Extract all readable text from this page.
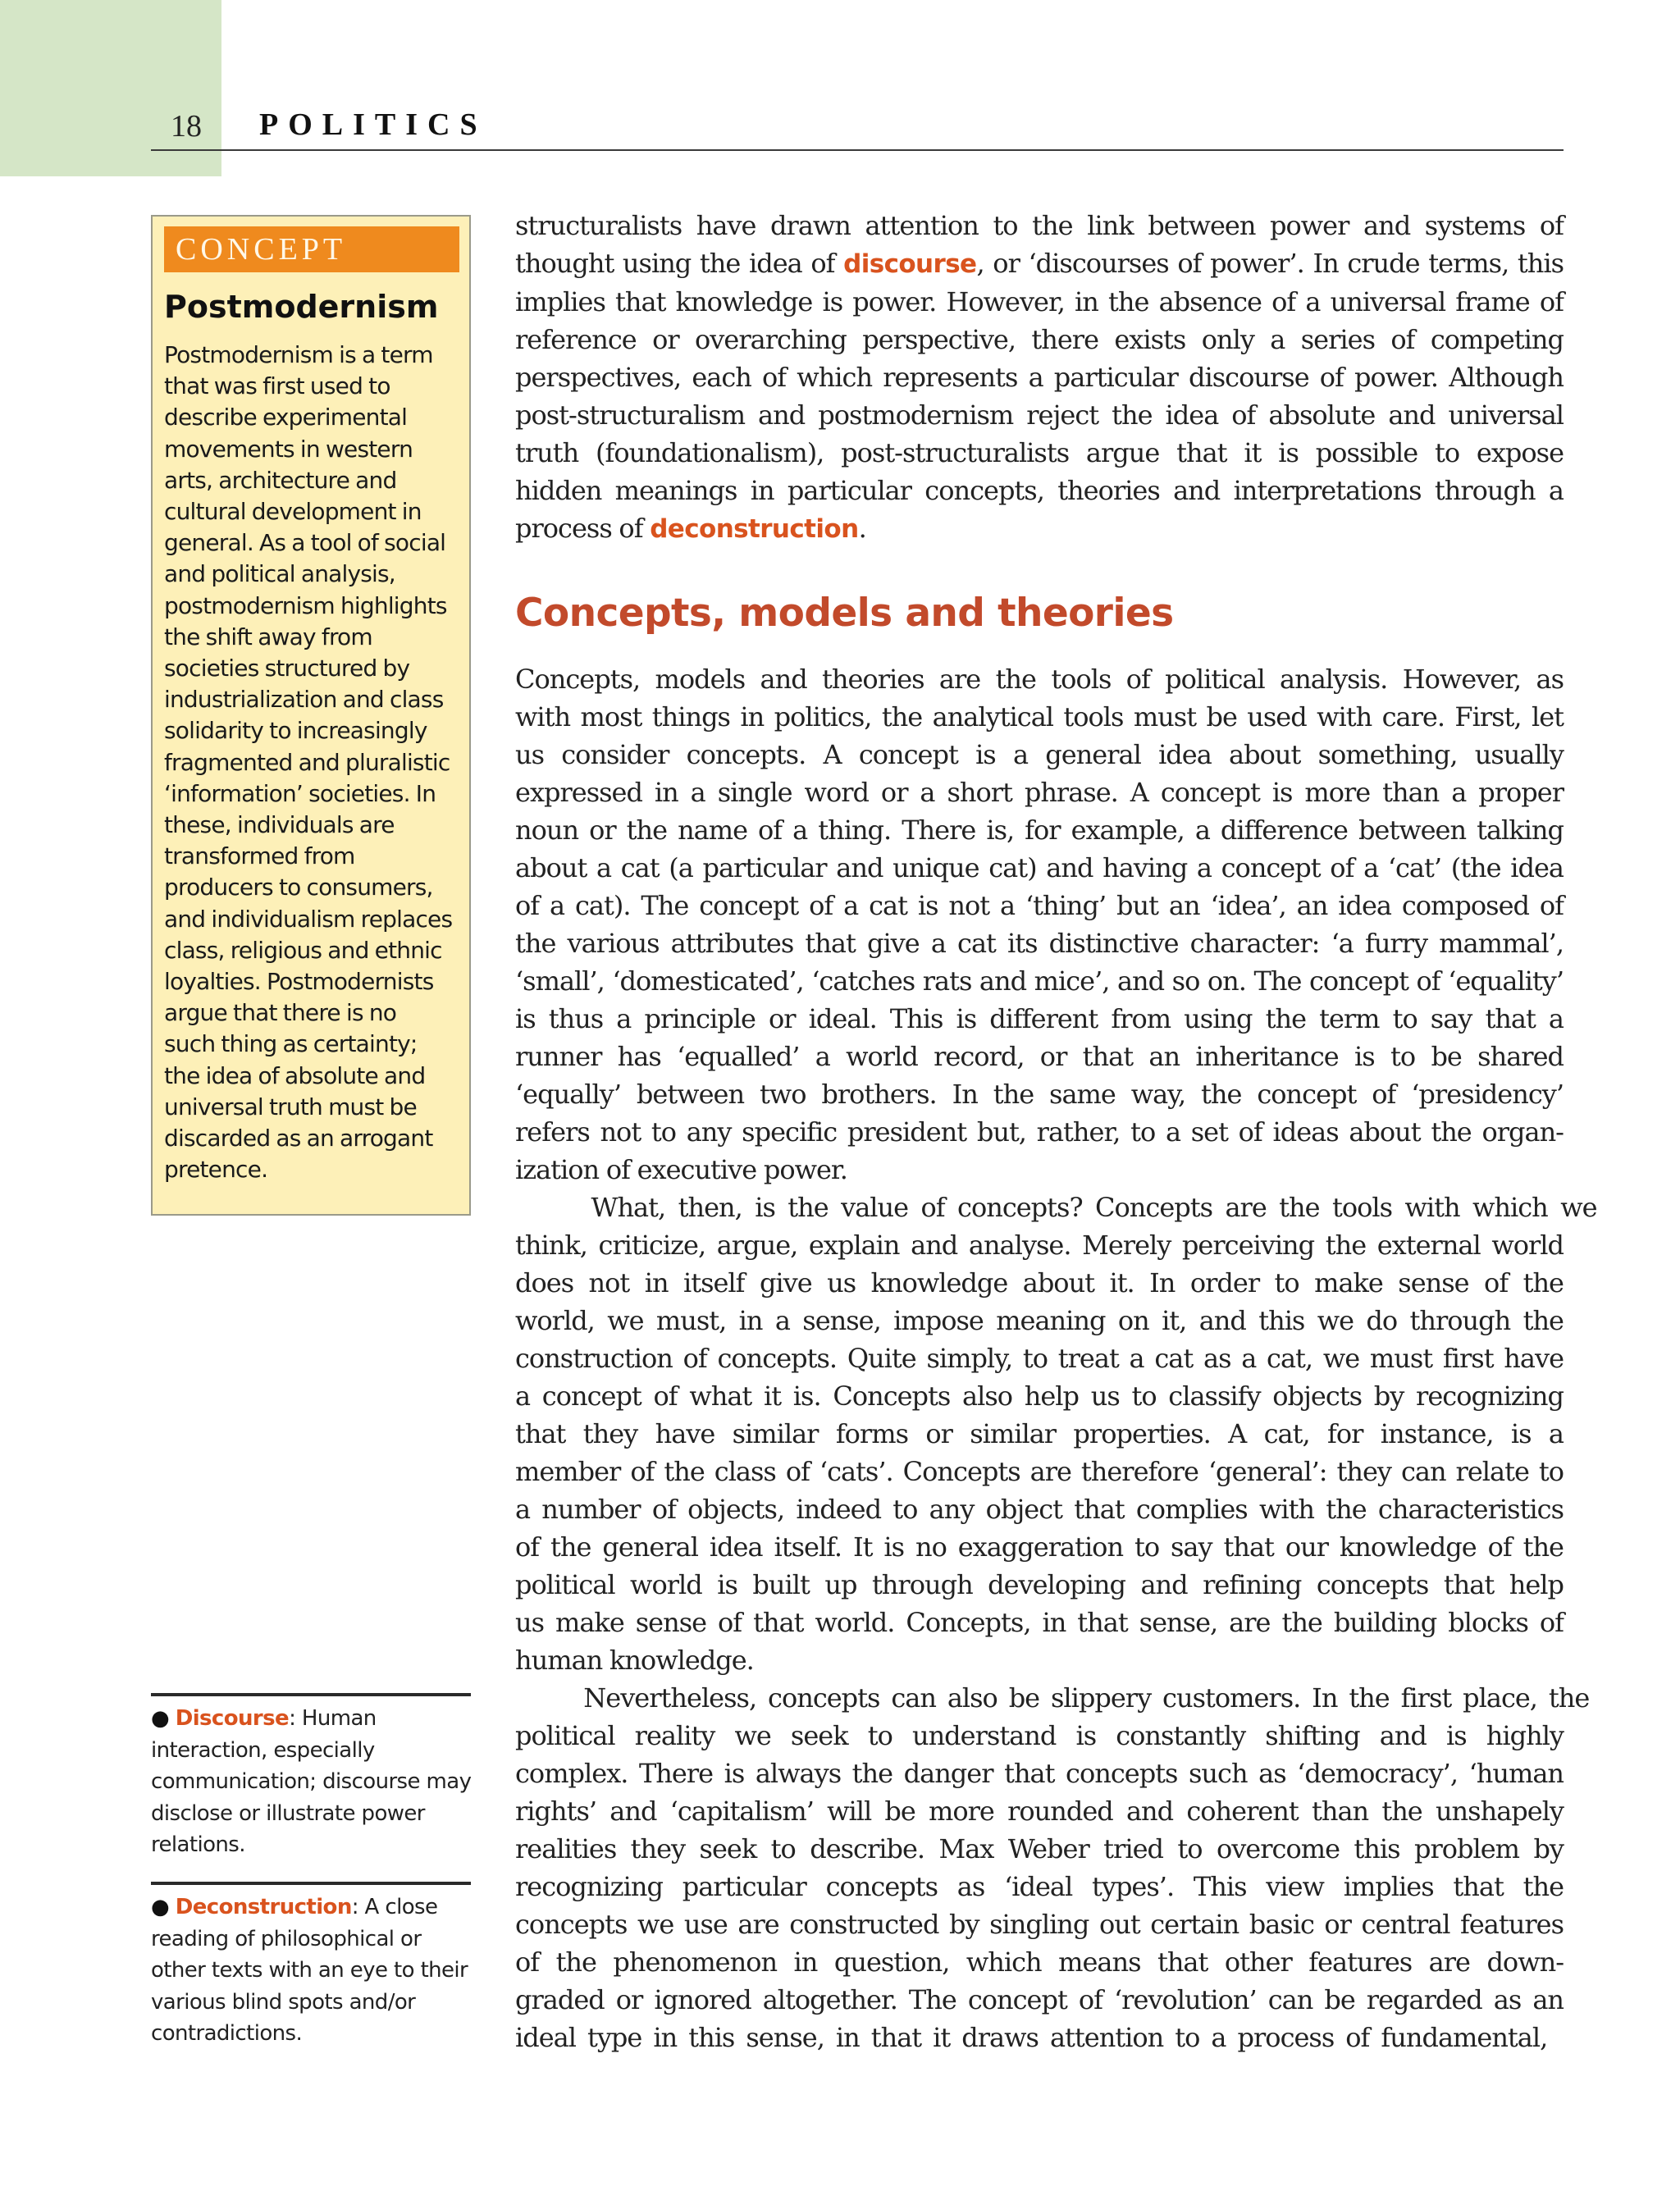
18 POLITICS
CONCEPT
Postmodernism
Postmodernism is a term
that was first used to
describe experimental
movements in western
arts, architecture and
cultural development in
general. As a tool of social
and political analysis,
postmodernism highlights
the shift away from
societies structured by
industrialization and class
solidarity to increasingly
fragmented and pluralistic
‘information’ societies. In
these, individuals are
transformed from
producers to consumers,
and individualism replaces
class, religious and ethnic
loyalties. Postmodernists
argue that there is no
such thing as certainty;
the idea of absolute and
universal truth must be
discarded as an arrogant
pretence.
● Discourse: Human
interaction, especially
communication; discourse may
disclose or illustrate power
relations.
● Deconstruction: A close
reading of philosophical or
other texts with an eye to their
various blind spots and/or
contradictions.
structuralists have drawn attention to the link between power and systems of
thought using the idea of discourse, or ‘discourses of power’. In crude terms, this
implies that knowledge is power. However, in the absence of a universal frame of
reference or overarching perspective, there exists only a series of competing
perspectives, each of which represents a particular discourse of power. Although
post-structuralism and postmodernism reject the idea of absolute and universal
truth (foundationalism), post-structuralists argue that it is possible to expose
hidden meanings in particular concepts, theories and interpretations through a
process of deconstruction.
Concepts, models and theories
Concepts, models and theories are the tools of political analysis. However, as
with most things in politics, the analytical tools must be used with care. First, let
us consider concepts. A concept is a general idea about something, usually
expressed in a single word or a short phrase. A concept is more than a proper
noun or the name of a thing. There is, for example, a difference between talking
about a cat (a particular and unique cat) and having a concept of a ‘cat’ (the idea
of a cat). The concept of a cat is not a ‘thing’ but an ‘idea’, an idea composed of
the various attributes that give a cat its distinctive character: ‘a furry mammal’,
‘small’, ‘domesticated’, ‘catches rats and mice’, and so on. The concept of ‘equality’
is thus a principle or ideal. This is different from using the term to say that a
runner has ‘equalled’ a world record, or that an inheritance is to be shared
‘equally’ between two brothers. In the same way, the concept of ‘presidency’
refers not to any specific president but, rather, to a set of ideas about the organ-
ization of executive power.
What, then, is the value of concepts? Concepts are the tools with which we
think, criticize, argue, explain and analyse. Merely perceiving the external world
does not in itself give us knowledge about it. In order to make sense of the
world, we must, in a sense, impose meaning on it, and this we do through the
construction of concepts. Quite simply, to treat a cat as a cat, we must first have
a concept of what it is. Concepts also help us to classify objects by recognizing
that they have similar forms or similar properties. A cat, for instance, is a
member of the class of ‘cats’. Concepts are therefore ‘general’: they can relate to
a number of objects, indeed to any object that complies with the characteristics
of the general idea itself. It is no exaggeration to say that our knowledge of the
political world is built up through developing and refining concepts that help
us make sense of that world. Concepts, in that sense, are the building blocks of
human knowledge.
Nevertheless, concepts can also be slippery customers. In the first place, the
political reality we seek to understand is constantly shifting and is highly
complex. There is always the danger that concepts such as ‘democracy’, ‘human
rights’ and ‘capitalism’ will be more rounded and coherent than the unshapely
realities they seek to describe. Max Weber tried to overcome this problem by
recognizing particular concepts as ‘ideal types’. This view implies that the
concepts we use are constructed by singling out certain basic or central features
of the phenomenon in question, which means that other features are down-
graded or ignored altogether. The concept of ‘revolution’ can be regarded as an
ideal type in this sense, in that it draws attention to a process of fundamental,
